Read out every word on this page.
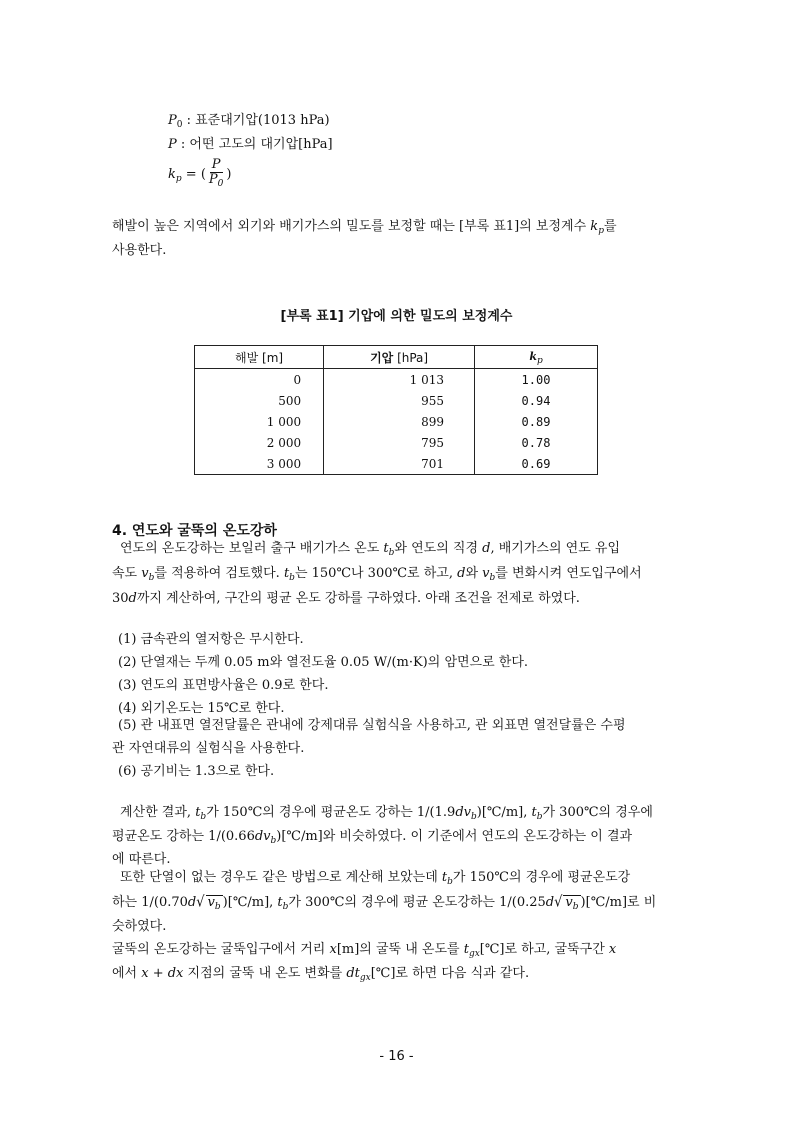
$P_0$ : 표준대기압(1013 hPa)
P : 어떤 고도의 대기압[hPa]
$k_p$ = ( $\frac{P}{P_0}$ )
해발이 높은 지역에서 외기와 배기가스의 밀도를 보정할 때는 [부록 표1]의 보정계수 $k_p$를
사용한다.
[부록 표1] 기압에 의한 밀도의 보정계수
해발 [m]	기압 [hPa]	$k_p$
0	1 013	1.00
500	955	0.94
1 000	899	0.89
2 000	795	0.78
3 000	701	0.69
4. 연도와 굴뚝의 온도강하
연도의 온도강하는 보일러 출구 배기가스 온도 $t_b$와 연도의 직경 d, 배기가스의 연도 유입
속도 $v_b$를 적용하여 검토했다. $t_b$는 150℃나 300℃로 하고, d와 $v_b$를 변화시켜 연도입구에서
30d까지 계산하여, 구간의 평균 온도 강하를 구하였다. 아래 조건을 전제로 하였다.
(1) 금속관의 열저항은 무시한다.
(2) 단열재는 두께 0.05 m와 열전도율 0.05 W/(m·K)의 암면으로 한다.
(3) 연도의 표면방사율은 0.9로 한다.
(4) 외기온도는 15℃로 한다.
(5) 관 내표면 열전달률은 관내에 강제대류 실험식을 사용하고, 관 외표면 열전달률은 수평
관 자연대류의 실험식을 사용한다.
(6) 공기비는 1.3으로 한다.
계산한 결과, $t_b$가 150℃의 경우에 평균온도 강하는 $1/(1.9dv_b)[℃/m]$, $t_b$가 300℃의 경우에
평균온도 강하는 $1/(0.66dv_b)[℃/m]$와 비슷하였다. 이 기준에서 연도의 온도강하는 이 결과
에 따른다.
또한 단열이 없는 경우도 같은 방법으로 계산해 보았는데 $t_b$가 150℃의 경우에 평균온도강
하는 1/(0.70d√ $v_b$ )[℃/m], $t_b$가 300℃의 경우에 평균 온도강하는 1/(0.25d√ $v_b$ )[℃/m]로 비
슷하였다.
굴뚝의 온도강하는 굴뚝입구에서 거리 x[m]의 굴뚝 내 온도를 $t_{gx}[℃]$로 하고, 굴뚝구간 x
에서 x + dx 지점의 굴뚝 내 온도 변화를 $dt_{gx}[℃]$로 하면 다음 식과 같다.
- 16 -
